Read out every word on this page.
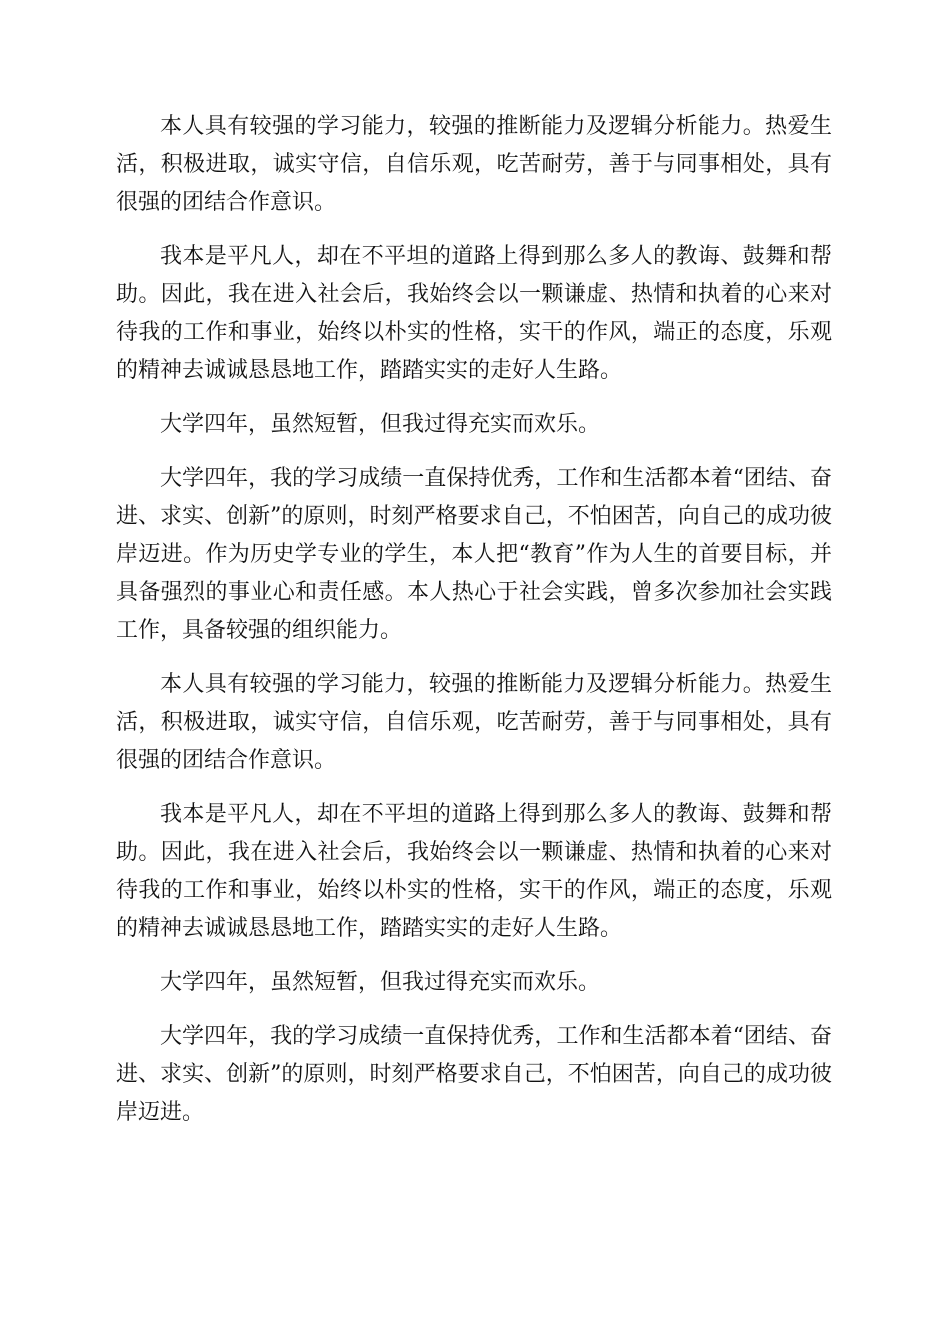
本人具有较强的学习能力，较强的推断能力及逻辑分析能力。热爱生活，积极进取，诚实守信，自信乐观，吃苦耐劳，善于与同事相处，具有很强的团结合作意识。

我本是平凡人，却在不平坦的道路上得到那么多人的教诲、鼓舞和帮助。因此，我在进入社会后，我始终会以一颗谦虚、热情和执着的心来对待我的工作和事业，始终以朴实的性格，实干的作风，端正的态度，乐观的精神去诚诚恳恳地工作，踏踏实实的走好人生路。

大学四年，虽然短暂，但我过得充实而欢乐。

大学四年，我的学习成绩一直保持优秀，工作和生活都本着“团结、奋进、求实、创新”的原则，时刻严格要求自己，不怕困苦，向自己的成功彼岸迈进。作为历史学专业的学生，本人把“教育”作为人生的首要目标，并具备强烈的事业心和责任感。本人热心于社会实践，曾多次参加社会实践工作，具备较强的组织能力。

本人具有较强的学习能力，较强的推断能力及逻辑分析能力。热爱生活，积极进取，诚实守信，自信乐观，吃苦耐劳，善于与同事相处，具有很强的团结合作意识。

我本是平凡人，却在不平坦的道路上得到那么多人的教诲、鼓舞和帮助。因此，我在进入社会后，我始终会以一颗谦虚、热情和执着的心来对待我的工作和事业，始终以朴实的性格，实干的作风，端正的态度，乐观的精神去诚诚恳恳地工作，踏踏实实的走好人生路。

大学四年，虽然短暂，但我过得充实而欢乐。

大学四年，我的学习成绩一直保持优秀，工作和生活都本着“团结、奋进、求实、创新”的原则，时刻严格要求自己，不怕困苦，向自己的成功彼岸迈进。
